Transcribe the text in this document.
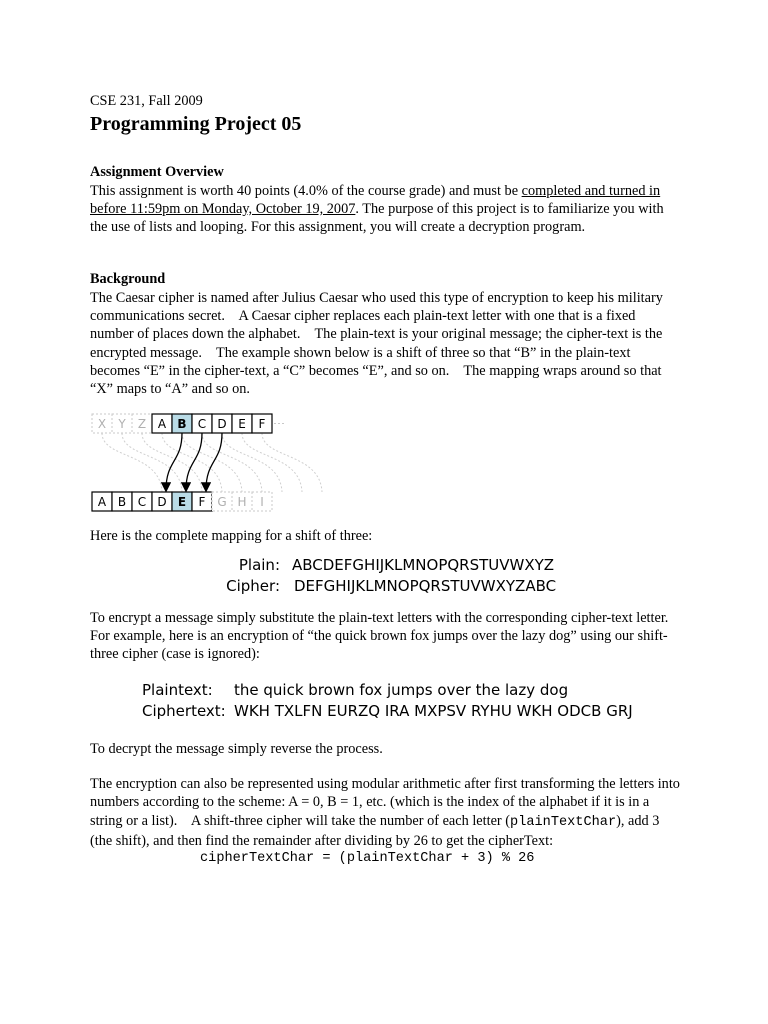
CSE 231, Fall 2009

Programming Project 05

Assignment Overview

This assignment is worth 40 points (4.0% of the course grade) and must be completed and turned in before 11:59pm on Monday, October 19, 2007. The purpose of this project is to familiarize you with the use of lists and looping. For this assignment, you will create a decryption program.

Background

The Caesar cipher is named after Julius Caesar who used this type of encryption to keep his military communications secret.    A Caesar cipher replaces each plain-text letter with one that is a fixed number of places down the alphabet.    The plain-text is your original message; the cipher-text is the encrypted message.    The example shown below is a shift of three so that “B” in the plain-text becomes “E” in the cipher-text, a “C” becomes “E”, and so on.    The mapping wraps around so that “X” maps to “A” and so on.

X Y Z A B C D E F
A B C D E F G H I

Here is the complete mapping for a shift of three:

Plain: ABCDEFGHIJKLMNOPQRSTUVWXYZ
Cipher: DEFGHIJKLMNOPQRSTUVWXYZABC

To encrypt a message simply substitute the plain-text letters with the corresponding cipher-text letter.    For example, here is an encryption of “the quick brown fox jumps over the lazy dog” using our shift-three cipher (case is ignored):

Plaintext:	the quick brown fox jumps over the lazy dog
Ciphertext: WKH TXLFN EURZQ IRA MXPSV RYHU WKH ODCB GRJ

To decrypt the message simply reverse the process.

The encryption can also be represented using modular arithmetic after first transforming the letters into numbers according to the scheme: A = 0, B = 1, etc. (which is the index of the alphabet if it is in a string or a list).    A shift-three cipher will take the number of each letter (plainTextChar), add 3 (the shift), and then find the remainder after dividing by 26 to get the cipherText:

cipherTextChar = (plainTextChar + 3) % 26
